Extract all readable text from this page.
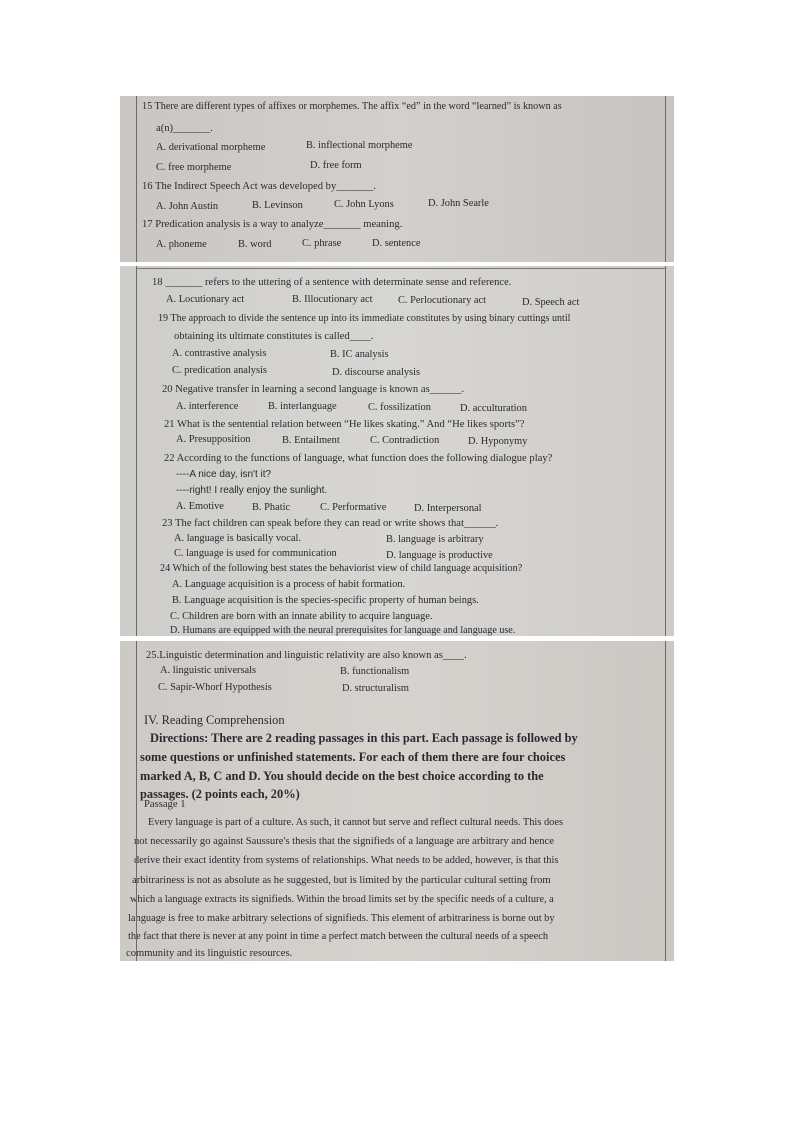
15 There are different types of affixes or morphemes. The affix “ed” in the word “learned” is known as
a(n)_______.
A. derivational morpheme	B. inflectional morpheme
C. free morpheme	D. free form
16 The Indirect Speech Act was developed by_______.
A. John Austin	B. Levinson	C. John Lyons	D. John Searle
17 Predication analysis is a way to analyze_______ meaning.
A. phoneme	B. word	C. phrase	D. sentence
18 _______ refers to the uttering of a sentence with determinate sense and reference.
A. Locutionary act	B. Illocutionary act C. Perlocutionary act	D. Speech act
19 The approach to divide the sentence up into its immediate constitutes by using binary cuttings until
obtaining its ultimate constitutes is called____.
A. contrastive analysis	B. IC analysis
C. predication analysis	D. discourse analysis
20 Negative transfer in learning a second language is known as______.
A. interference	B. interlanguage	C. fossilization	D. acculturation
21 What is the sentential relation between “He likes skating.” And “He likes sports”?
A. Presupposition	B. Entailment	C. Contradiction	D. Hyponymy
22 According to the functions of language, what function does the following dialogue play?
----A nice day, isn't it?
----right! I really enjoy the sunlight.
A. Emotive	B. Phatic	C. Performative	D. Interpersonal
23 The fact children can speak before they can read or write shows that______.
A. language is basically vocal.	B. language is arbitrary
C. language is used for communication	D. language is productive
24 Which of the following best states the behaviorist view of child language acquisition?
A. Language acquisition is a process of habit formation.
B. Language acquisition is the species-specific property of human beings.
C. Children are born with an innate ability to acquire language.
D. Humans are equipped with the neural prerequisites for language and language use.
25.Linguistic determination and linguistic relativity are also known as____.
A. linguistic universals	B. functionalism
C. Sapir-Whorf Hypothesis	D. structuralism
IV. Reading Comprehension
Directions: There are 2 reading passages in this part. Each passage is followed by
some questions or unfinished statements. For each of them there are four choices
marked A, B, C and D. You should decide on the best choice according to the
passages. (2 points each, 20%)
Passage 1
Every language is part of a culture. As such, it cannot but serve and reflect cultural needs. This does
not necessarily go against Saussure's thesis that the signifieds of a language are arbitrary and hence
derive their exact identity from systems of relationships. What needs to be added, however, is that this
arbitrariness is not as absolute as he suggested, but is limited by the particular cultural setting from
which a language extracts its signifieds. Within the broad limits set by the specific needs of a culture, a
language is free to make arbitrary selections of signifieds. This element of arbitrariness is borne out by
the fact that there is never at any point in time a perfect match between the cultural needs of a speech
community and its linguistic resources.
